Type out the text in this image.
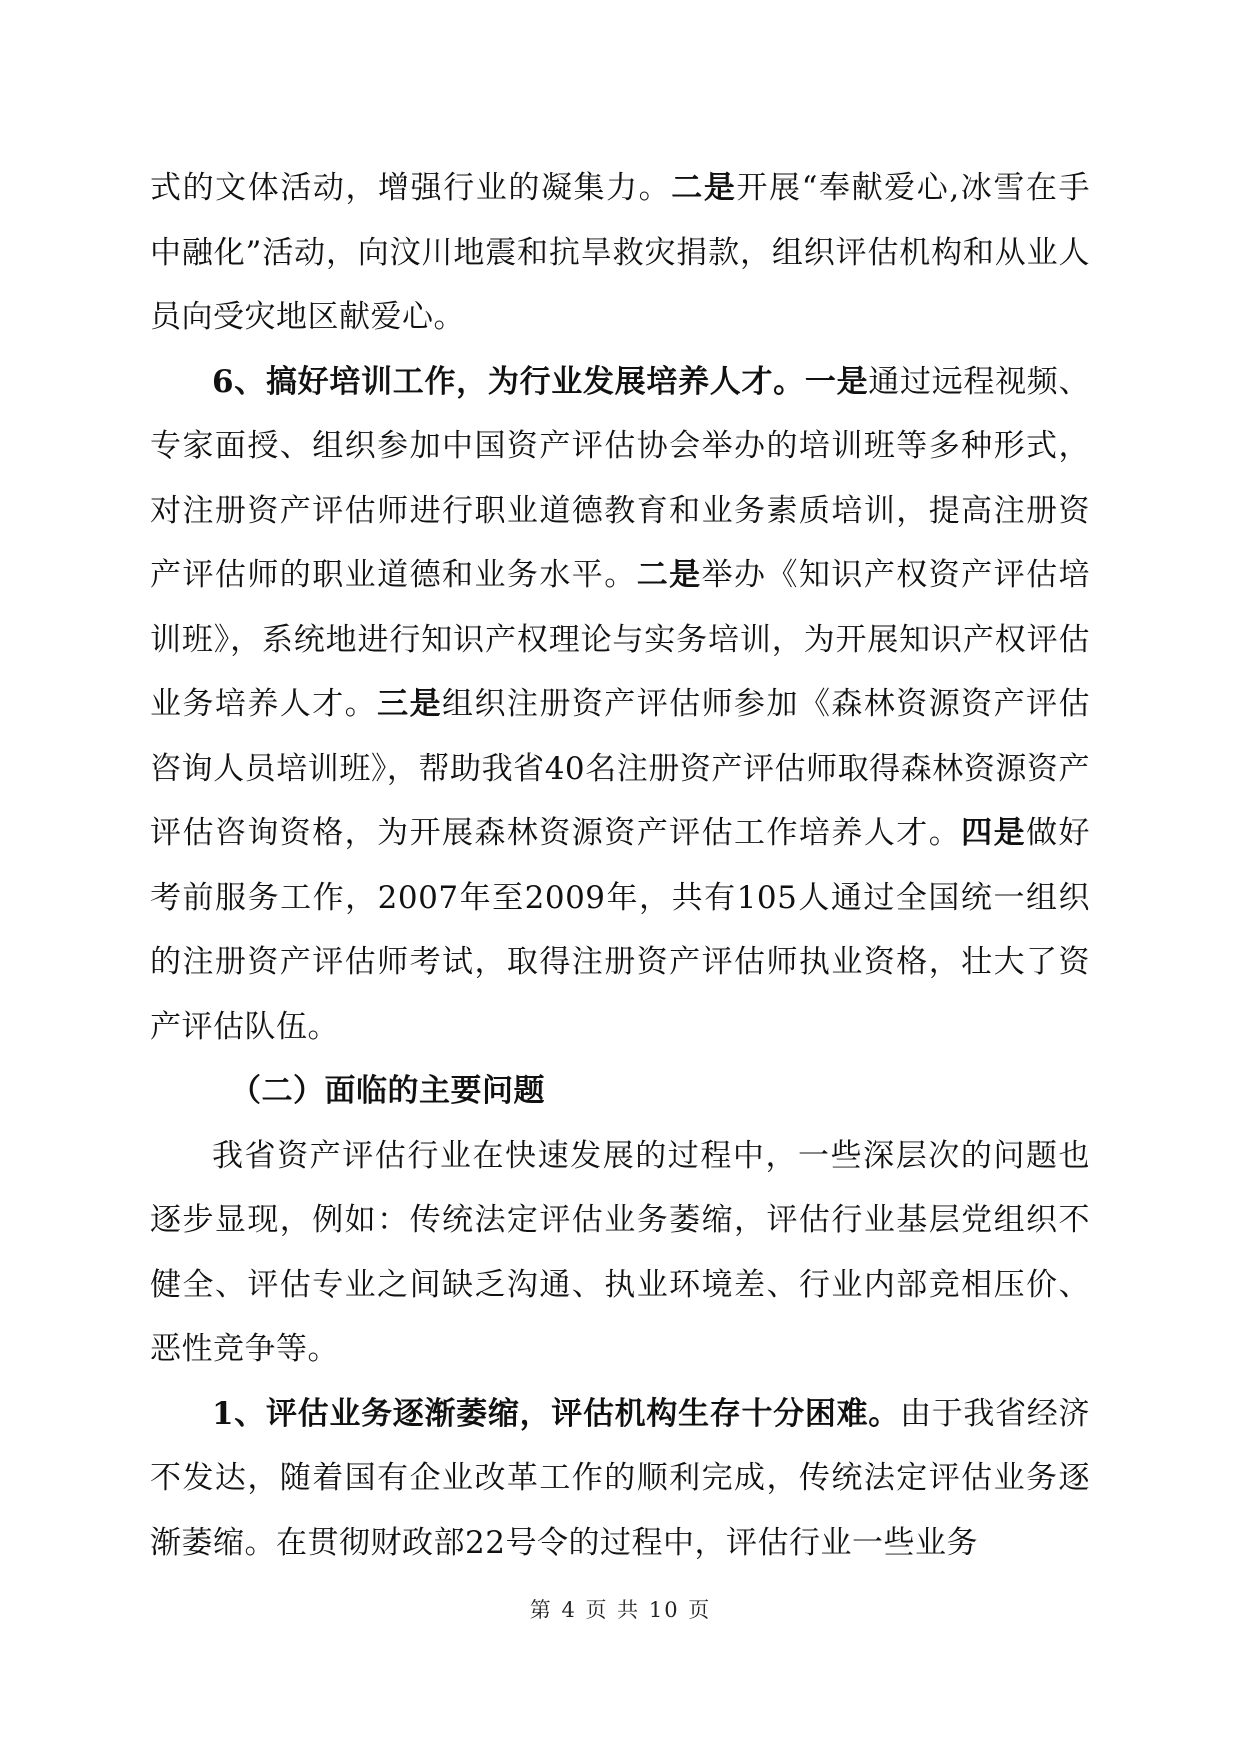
式的文体活动，增强行业的凝集力。二是开展“奉献爱心,冰雪在手中融化”活动，向汶川地震和抗旱救灾捐款，组织评估机构和从业人员向受灾地区献爱心。

6、搞好培训工作，为行业发展培养人才。一是通过远程视频、专家面授、组织参加中国资产评估协会举办的培训班等多种形式，对注册资产评估师进行职业道德教育和业务素质培训，提高注册资产评估师的职业道德和业务水平。二是举办《知识产权资产评估培训班》，系统地进行知识产权理论与实务培训，为开展知识产权评估业务培养人才。三是组织注册资产评估师参加《森林资源资产评估咨询人员培训班》，帮助我省40名注册资产评估师取得森林资源资产评估咨询资格，为开展森林资源资产评估工作培养人才。四是做好考前服务工作，2007年至2009年，共有105人通过全国统一组织的注册资产评估师考试，取得注册资产评估师执业资格，壮大了资产评估队伍。

（二）面临的主要问题

我省资产评估行业在快速发展的过程中，一些深层次的问题也逐步显现，例如：传统法定评估业务萎缩，评估行业基层党组织不健全、评估专业之间缺乏沟通、执业环境差、行业内部竞相压价、恶性竞争等。

1、评估业务逐渐萎缩，评估机构生存十分困难。由于我省经济不发达，随着国有企业改革工作的顺利完成，传统法定评估业务逐渐萎缩。在贯彻财政部22号令的过程中，评估行业一些业务

第 4 页 共 10 页
